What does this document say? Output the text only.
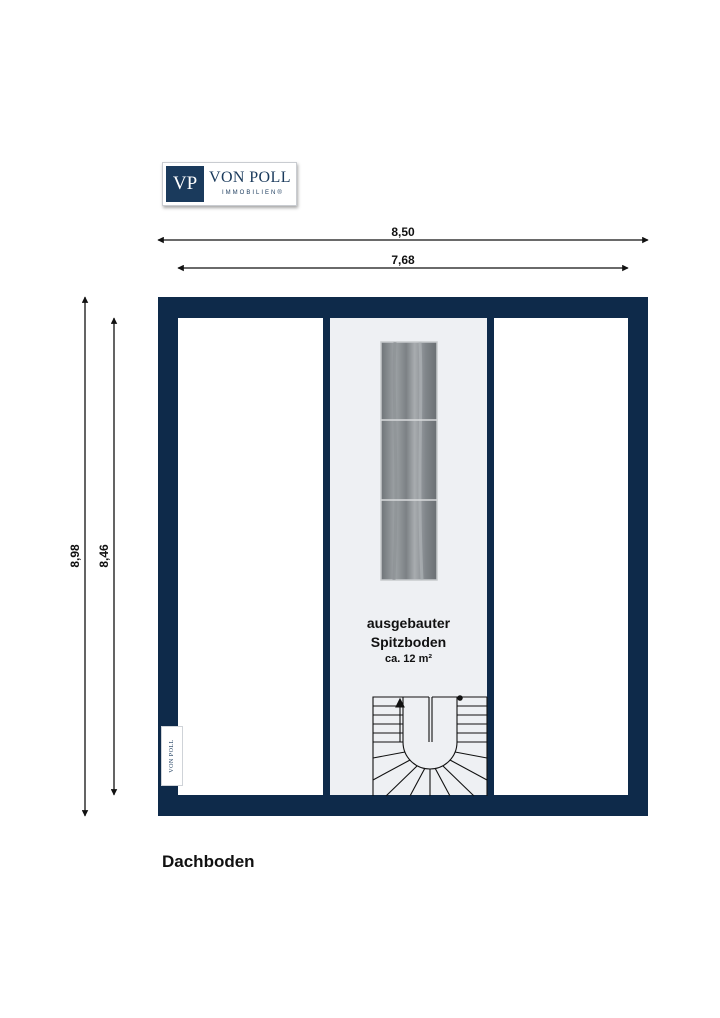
VP VON POLL
IMMOBILIEN®
8,50
7,68
8,98 8,46
ausgebauter
Spitzboden
ca. 12 m²
VON POLL
Dachboden
